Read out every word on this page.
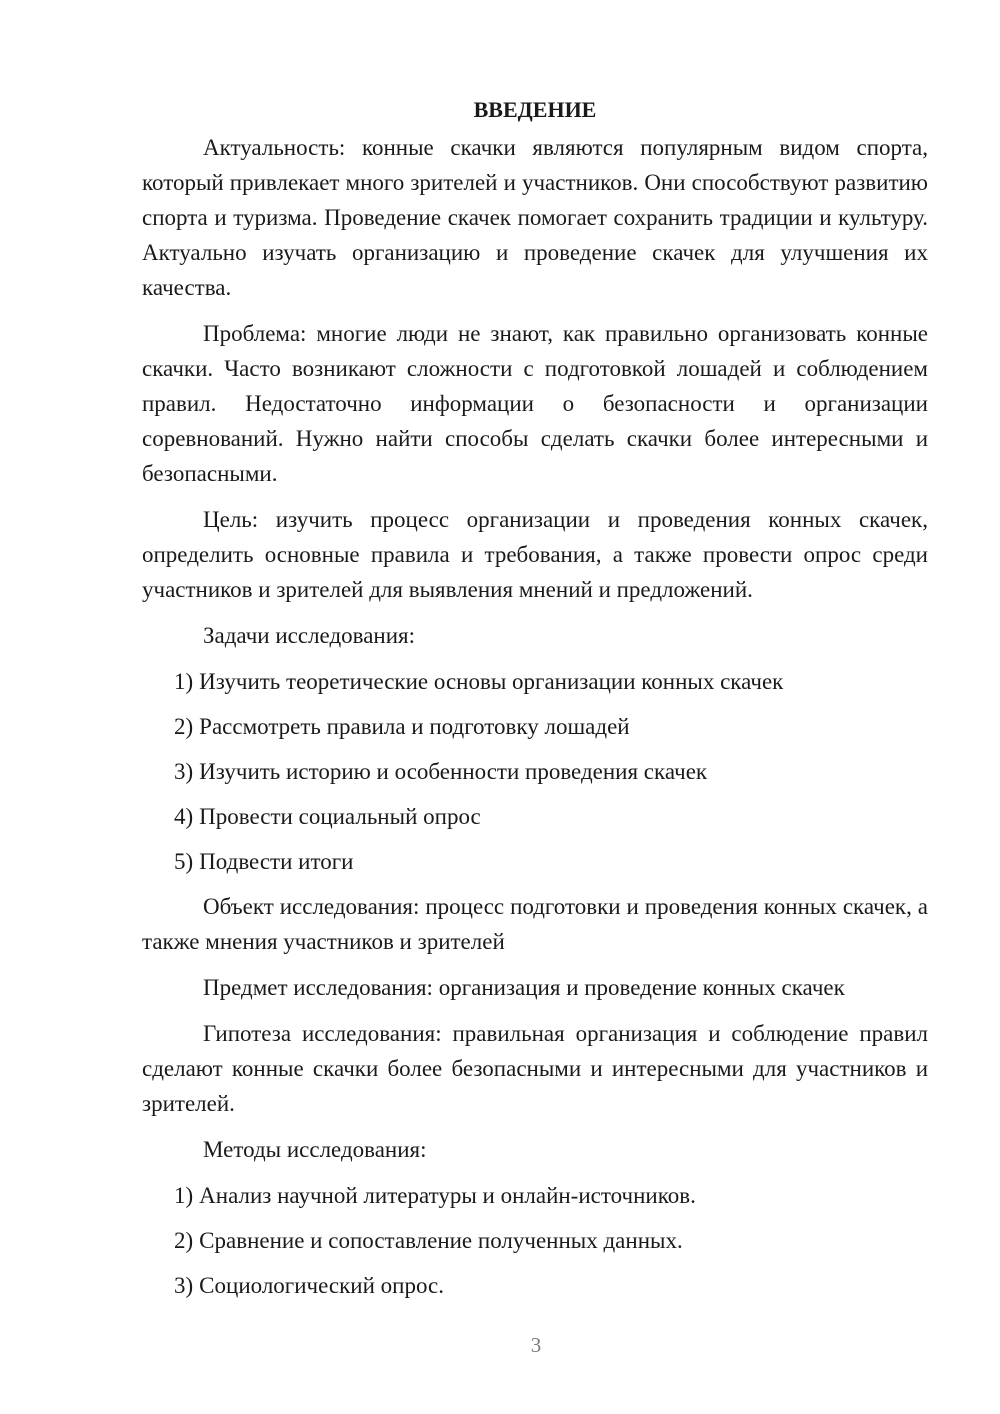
ВВЕДЕНИЕ

Актуальность: конные скачки являются популярным видом спорта, который привлекает много зрителей и участников. Они способствуют развитию спорта и туризма. Проведение скачек помогает сохранить традиции и культуру. Актуально изучать организацию и проведение скачек для улучшения их качества.

Проблема: многие люди не знают, как правильно организовать конные скачки. Часто возникают сложности с подготовкой лошадей и соблюдением правил. Недостаточно информации о безопасности и организации соревнований. Нужно найти способы сделать скачки более интересными и безопасными.

Цель: изучить процесс организации и проведения конных скачек, определить основные правила и требования, а также провести опрос среди участников и зрителей для выявления мнений и предложений.

Задачи исследования:

1) Изучить теоретические основы организации конных скачек

2) Рассмотреть правила и подготовку лошадей

3) Изучить историю и особенности проведения скачек

4) Провести социальный опрос

5) Подвести итоги

Объект исследования: процесс подготовки и проведения конных скачек, а также мнения участников и зрителей

Предмет исследования: организация и проведение конных скачек

Гипотеза исследования: правильная организация и соблюдение правил сделают конные скачки более безопасными и интересными для участников и зрителей.

Методы исследования:

1) Анализ научной литературы и онлайн-источников.

2) Сравнение и сопоставление полученных данных.

3) Социологический опрос.

3
